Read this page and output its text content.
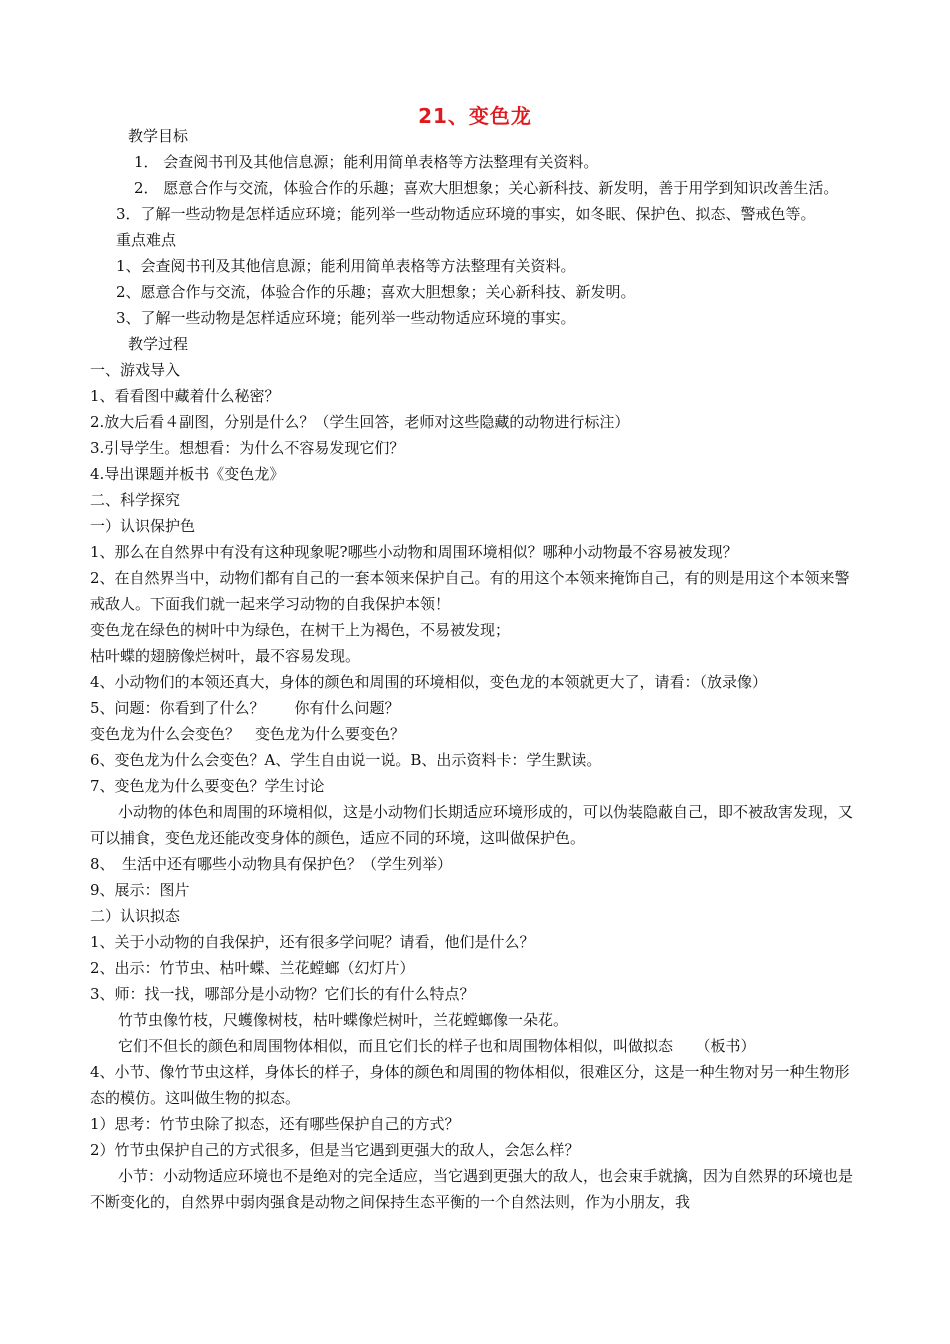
21、变色龙

教学目标

1． 会查阅书刊及其他信息源；能利用简单表格等方法整理有关资料。

2． 愿意合作与交流，体验合作的乐趣；喜欢大胆想象；关心新科技、新发明，善于用学到知识改善生活。

3．了解一些动物是怎样适应环境；能列举一些动物适应环境的事实，如冬眠、保护色、拟态、警戒色等。

重点难点

1、会查阅书刊及其他信息源；能利用简单表格等方法整理有关资料。

2、愿意合作与交流，体验合作的乐趣；喜欢大胆想象；关心新科技、新发明。

3、了解一些动物是怎样适应环境；能列举一些动物适应环境的事实。

教学过程

一、游戏导入

1、看看图中藏着什么秘密？

2.放大后看４副图，分别是什么？（学生回答，老师对这些隐藏的动物进行标注）

3.引导学生。想想看：为什么不容易发现它们？

4.导出课题并板书《变色龙》

二、科学探究

一）认识保护色

1、那么在自然界中有没有这种现象呢?哪些小动物和周围环境相似？哪种小动物最不容易被发现？

2、在自然界当中，动物们都有自己的一套本领来保护自己。有的用这个本领来掩饰自己，有的则是用这个本领来警戒敌人。下面我们就一起来学习动物的自我保护本领！

变色龙在绿色的树叶中为绿色，在树干上为褐色，不易被发现；

枯叶蝶的翅膀像烂树叶，最不容易发现。

4、小动物们的本领还真大，身体的颜色和周围的环境相似，变色龙的本领就更大了，请看：（放录像）

5、问题：你看到了什么？　　你有什么问题？

变色龙为什么会变色？　变色龙为什么要变色？

6、变色龙为什么会变色？A、学生自由说一说。B、出示资料卡：学生默读。

7、变色龙为什么要变色？学生讨论

小动物的体色和周围的环境相似，这是小动物们长期适应环境形成的，可以伪装隐蔽自己，即不被敌害发现，又可以捕食，变色龙还能改变身体的颜色，适应不同的环境，这叫做保护色。

8、　生活中还有哪些小动物具有保护色？（学生列举）

9、展示：图片

二）认识拟态

1、关于小动物的自我保护，还有很多学问呢？请看，他们是什么？

2、出示：竹节虫、枯叶蝶、兰花螳螂（幻灯片）

3、师：找一找，哪部分是小动物？它们长的有什么特点？

竹节虫像竹枝，尺蠖像树枝，枯叶蝶像烂树叶，兰花螳螂像一朵花。

它们不但长的颜色和周围物体相似，而且它们长的样子也和周围物体相似，叫做拟态　　（板书）

4、小节、像竹节虫这样，身体长的样子，身体的颜色和周围的物体相似，很难区分，这是一种生物对另一种生物形态的模仿。这叫做生物的拟态。

1）思考：竹节虫除了拟态，还有哪些保护自己的方式？

2）竹节虫保护自己的方式很多，但是当它遇到更强大的敌人，会怎么样？

小节：小动物适应环境也不是绝对的完全适应，当它遇到更强大的敌人，也会束手就擒，因为自然界的环境也是不断变化的，自然界中弱肉强食是动物之间保持生态平衡的一个自然法则，作为小朋友，我
